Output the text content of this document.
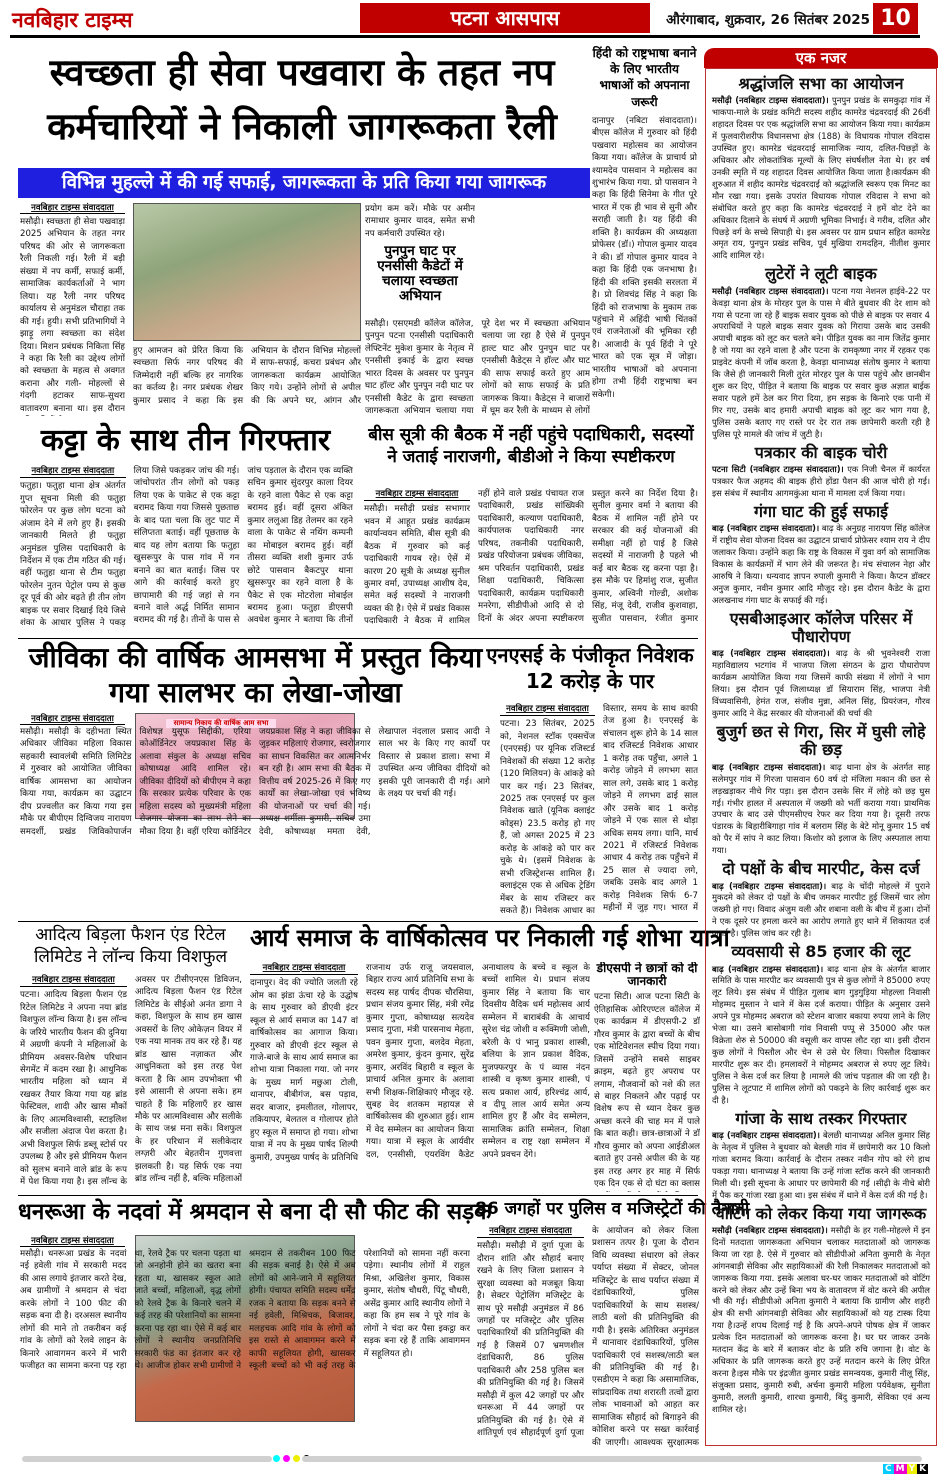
नवबिहार टाइम्स	पटना आसपास	औरंगाबाद, शुक्रवार, 26 सितंबर 2025 10
स्वच्छता ही सेवा पखवारा के तहत नप कर्मचारियों ने निकाली जागरूकता रैली
विभिन्न मुहल्ले में की गई सफाई, जागरूकता के प्रति किया गया जागरूक
नवबिहार टाइम्स संवाददाता
मसौढ़ी। स्वच्छता ही सेवा पखवाड़ा 2025 अभियान के तहत नगर परिषद की ओर से जागरूकता रैली निकली गई। रैली में बड़ी संख्या में नप कर्मी, सफाई कर्मी, सामाजिक कार्यकर्ताओं ने भाग लिया। यह रैली नगर परिषद कार्यालय से अनुमंडल चौराहा तक की गई। हुयी। सभी प्रतिभागियों ने झाड़ू लगा स्वच्छता का संदेश दिया। मिशन प्रबंधक निकिता सिंह ने कहा कि रैली का उद्देश्य लोगों को स्वच्छता के महत्व से अवगत कराना और गली- मोहल्लों से गंदगी हटाकर साफ-सुथरा वातावरण बनाना था। इस दौरान
हुए आमजन को प्रेरित किया कि स्वच्छता सिर्फ नगर परिषद की जिम्मेदारी नहीं बल्कि हर नागरिक का कर्तव्य है। नगर प्रबंधक शेखर कुमार प्रसाद ने कहा कि इस अभियान के दौरान विभिन्न मोहल्लों में साफ-सफाई, कचरा प्रबंधन और जागरूकता कार्यक्रम आयोजित किए गये। उन्होंने लोगों से अपील की कि अपने घर, आंगन और
प्रयोग कम करें। मौके पर अमीन रामाधार कुमार यादव, समेत सभी नप कर्मचारी उपस्थित रहे।
पुनपुन घाट पर एनसीसी कैडेटों में चलाया स्वच्छता अभियान
मसौढ़ी। एसएमडी कॉलेज कॉलेज, पुनपुन पटना एनसीसी पदाधिकारी लेफ्टिनेंट मुकेश कुमार के नेतृत्व में एनसीसी इकाई के द्वारा स्वच्छ भारत दिवस के अवसर पर पुनपुन घाट हॉल्ट और पुनपुन नदी घाट पर एनसीसी कैडेट के द्वारा स्वच्छता जागरूकता अभियान चलाया गया पूरे देश भर में स्वच्छता अभियान चलाया जा रहा है ऐसे में पुनपुन हाल्ट घाट और पुनपुन घाट पर एनसीसी कैडेट्स ने हॉल्ट और घाट की साफ सफाई करते हुए आम लोगों को साफ सफाई के प्रति जागरूक किया। कैडेट्स ने बाजारों में घूम कर रैली के माध्यम से लोगों
हिंदी को राष्ट्रभाषा बनाने के लिए भारतीय भाषाओं को अपनाना जरूरी
दानापुर (नबिटा संवाददाता)। बीएस कॉलेज में गुरुवार को हिंदी पखवारा महोत्सव का आयोजन किया गया। कॉलेज के प्राचार्य प्रो श्यामदेव पासवान ने महोत्सव का शुभारंभ किया गया. प्रो पासवान ने कहा कि हिंदी सिनेमा के गीत पूरे भारत में एक ही भाव से सुनी और सराही जाती है। यह हिंदी की शक्ति है। कार्यक्रम की अध्यक्षता प्रोफेसर (डॉ।) गोपाल कुमार यादव ने की। डॉ गोपाल कुमार यादव ने कहा कि हिंदी एक जनभाषा है। हिंदी की शक्ति इसकी सरलता में है। प्रो शिवचंद्र सिंह ने कहा कि हिंदी को राजभाषा के मुकाम तक पहुंचाने में अहिंदी भाषी चिंतकों एवं राजनेताओं की भूमिका रही है। आजादी के पूर्व हिंदी ने पूरे भारत को एक सूत्र में जोड़ा। भारतीय भाषाओं को अपनाना होगा तभी हिंदी राष्ट्रभाषा बन सकेगी।
कट्टा के साथ तीन गिरफ्तार
नवबिहार टाइम्स संवाददाता
फतुहा। फतुहा थाना क्षेत्र अंतर्गत गुप्त सूचना मिली की फतुहा फोरलेन पर कुछ लोग घटना को अंजाम देने में लगे हुए हैं। इसकी जानकारी मिलते ही फतुहा अनुमंडल पुलिस पदाधिकारी के निर्देशन में एक टीम गठित की गई। वहीं फतुहा थाना से टीम फतुहा फोरलेन नुतन पेट्रोल पम्प से कुछ दूर पूर्व की ओर बढ़ते ही तीन लोग बाइक पर सवार दिखाई दिये जिसे शंका के आधार पुलिस ने पकड़ लिया जिसे पकड़कर जांच की गई। जांचोपरांत तीन लोगों को पकड़ लिया एक के पाकेट से एक कट्टा बरामद किया गया जिससे पुछताछ के बाद पता चला कि लुट पाट में संलिप्तता बताई। वहीं पूछताछ के बाद यह लोग बताया कि फतुहा खुसरूपुर के पास गांव में गन बनाने का बात बताई। जिस पर आगे की कार्रवाई करते हुए छापामारी की गई जहां से गन बनाने वाले अर्द्ध निर्मित सामान बरामद की गई है। तीनों के पास से जांच पड़ताल के दौरान एक व्यक्ति सचिन कुमार सुंदरपुर काला दियर के रहने वाला पैकेट से एक कट्टा बरामद हुई। वहीं दूसरा अंकित कुमार ललुआ डिह तेलमर का रहने वाला के पाकेट से नथिंग कम्पनी का मोबाइल बरामद हुई। वहीं तीसरा व्यक्ति शशी कुमार उर्फ छोटे पासवान बैकटपुर थाना खुसरूपुर का रहने वाला है के पैकेट से एक मोटरोला मोबाईल बरामद हुआ। फतुहा डीएसपी अवधेश कुमार ने बताया कि तीनों
बीस सूत्री की बैठक में नहीं पहुंचे पदाधिकारी, सदस्यों ने जताई नाराजगी, बीडीओ ने किया स्पष्टीकरण
नवबिहार टाइम्स संवाददाता
मसौढ़ी। मसौढ़ी प्रखंड सभागार भवन में आहूत प्रखंड कार्यक्रम कार्यान्वयन समिति, बीस सूत्री की बैठक में गुरुवार को कई पदाधिकारी गायब रहे। ऐसें में कारण 20 सूत्री के अध्यक्ष सुनील कुमार वर्मा, उपाध्यक्ष आशीष देव, समेत कई सदस्यों ने नाराजगी व्यक्त की है। ऐसे में प्रखंड विकास पदाधिकारी ने बैठक में शामिल नहीं होने वाले प्रखंड पंचायत राज पदाधिकारी, प्रखंड सांख्यिकी पदाधिकारी, कल्याण पदाधिकारी, कार्यपालक पदाधिकारी नगर परिषद, तकनीकी पदाधिकारी, प्रखंड परियोजना प्रबंधक जीविका, श्रम परिवर्तन पदाधिकारी, प्रखंड शिक्षा पदाधिकारी, चिकित्सा पदाधिकारी, कार्यक्रम पदाधिकारी मनरेगा, सीडीपीओ आदि से दो दिनों के अंदर अपना स्पष्टीकरण प्रस्तुत करने का निर्देश दिया है। सुनील कुमार वर्मा ने बताया की बैठक में शामिल नहीं होने पर सरकार की कई योजनाओं की समीक्षा नहीं हो पाई है जिसे सदस्यों में नाराजगी है पहले भी कई बार बैठक रद्द करना पड़ा है। इस मौके पर हिमांशु राज, सुजीत कुमार, अश्विनी गोल्डी, अशोक सिंह, मंजू देवी, राजीव कुशवाहा, सुजीत पासवान, रंजीत कुमार
जीविका की वार्षिक आमसभा में प्रस्तुत किया गया सालभर का लेखा-जोखा
नवबिहार टाइम्स संवाददाता	सामान्य निकाय की वार्षिक आम सभा
मसौढ़ी। मसौढ़ी के दहीभता स्थित अधिकार जीविका महिला विकास सहकारी स्वावलंबी समिति लिमिटेड में गुरुवार को आयोजित जीविका वार्षिक आमसभा का आयोजन किया गया, कार्यक्रम का उद्घाटन दीप प्रज्वलीत कर किया गया इस मौके पर बीपीएम दिग्विजय नारायण समदर्शी, प्रखंड जिविकोपार्जन विशेषज्ञ युसूफ सिद्दीकी, एरिया कोऑर्डिनेटर जयप्रकाश सिंह के अलावा संकुल के अध्यक्ष सचिव कोषाध्यक्ष आदि शामिल रहे। जीविका दीदियों को बीपीएम ने कहा कि सरकार प्रत्येक परिवार के एक महिला सदस्य को मुख्यमंत्री महिला रोजगार योजना का लाभ लेने का मौका दिया है। वहीं एरिया कोर्डिनेटर जयप्रकाश सिंह ने कहा जीविका से जुड़कर महिलाएं रोजगार, स्वरोजगार का साधन विकसित कर आत्मनिर्भर बन रही है। आम सभा की बैठक में वित्तीय वर्ष 2025-26 में किए गए कार्यों का लेखा-जोखा एवं भविष्य की योजनाओं पर चर्चा की गई। अध्यक्ष शर्मीला कुमारी, सचिव उमा देवी, कोषाध्यक्ष ममता देवी, लेखापाल नंदलाल प्रसाद आदी ने साल भर के किए गए कार्यों पर विस्तार से प्रकाश डाला। सभा में उपस्थित अन्य जीविका दीदियों को इसकी पूरी जानकारी दी गई। आगे के लक्ष्य पर चर्चा की गई।
एनएसई के पंजीकृत निवेशक 12 करोड़ के पार
नवबिहार टाइम्स संवाददाता
पटना। 23 सितंबर, 2025 को, नेशनल स्टॉक एक्सचेंज (एनएसई) पर यूनिक रजिस्टर्ड निवेशकों की संख्या 12 करोड़ (120 मिलियन) के आंकड़े को पार कर गई। 23 सितंबर, 2025 तक एनएसई पर कुल निवेशक खाते (यूनिक क्लाइंट कोड्स) 23.5 करोड़ हो गए हैं, जो अगस्त 2025 में 23 करोड़ के आंकड़े को पार कर चुके थे। (इसमें निवेशक के सभी रजिस्ट्रेशन्स शामिल हैं। क्लाइंट्स एक से अधिक ट्रेडिंग मेंबर के साथ रजिस्टर कर सकते हैं)। निवेशक आधार का विस्तार, समय के साथ काफी तेज हुआ है। एनएसई के संचालन शुरू होने के 14 साल बाद रजिस्टर्ड निवेशक आधार 1 करोड़ तक पहुँचा, अगले 1 करोड़ जोड़ने में लगभग सात साल लगे, उसके बाद 1 करोड़ जोड़ने में लगभग ढाई साल और उसके बाद 1 करोड़ जोड़ने में एक साल से थोड़ा अधिक समय लगा। यानि, मार्च 2021 में रजिस्टर्ड निवेशक आधार 4 करोड़ तक पहुँचने में 25 साल से ज्यादा लगे, जबकि उसके बाद अगले 1 करोड़ निवेशक सिर्फ 6-7 महीनों में जुड़ गए। भारत में
आदित्य बिड़ला फैशन एंड रिटेल लिमिटेड ने लॉन्च किया विशफुल
नवबिहार टाइम्स संवाददाता
पटना। आदित्य बिड़ला फैशन एंड रिटेल लिमिटेड ने अपना नया ब्रांड विशफुल लॉन्च किया है। इस लॉन्च के जरिये भारतीय फैशन की दुनिया में अग्रणी कंपनी ने महिलाओं के प्रीमियम अवसर-विशेष परिधान सेगमेंट में कदम रखा है। आधुनिक भारतीय महिला को ध्यान में रखकर तैयार किया गया यह ब्रांड फेस्टिवल, शादी और खास मौकों के लिए आत्मविश्वासी, स्टाइलिश और सजीला अंदाज पेश करता है। अभी विशफुल सिर्फ डब्लू स्टोर्स पर उपलब्ध है और इसे प्रीमियम फैशन को सुलभ बनाने वाले ब्रांड के रूप में पेश किया गया है। इस लॉन्च के अवसर पर टीसीएनएस डिविजन, आदित्य बिड़ला फैशन एंड रिटेल लिमिटेड के सीईओ अनंत डागा ने कहा, विशफुल के साथ हम खास अवसरों के लिए ओकेज़न वियर में एक नया मानक तय कर रहे हैं। यह ब्रांड खास नज़ाकत और आधुनिकता को इस तरह पेश करता है कि आम उपभोक्ता भी इसे आसानी से अपना सके। हम चाहते हैं कि महिलाएँ हर खास मौके पर आत्मविश्वास और सलीके के साथ जश्न मना सकें। विशफुल के हर परिधान में सलीकेदार लग्ज़री और बेहतरीन गुणवत्ता झलकती है। यह सिर्फ एक नया ब्रांड लॉन्च नहीं है, बल्कि महिलाओं
आर्य समाज के वार्षिकोत्सव पर निकाली गई शोभा यात्रा
नवबिहार टाइम्स संवाददाता
दानापुर। वेद की ज्योति जलती रहे ओम का झंडा ऊंचा रहे के उद्घोष के साथ गुरुवार को डीएवी इंटर स्कूल से आर्य समाज का 147 वां वार्षिकोत्सव का आगाज किया। गुरुवार को डीएवी इंटर स्कूल से गाजे-बाजे के साथ आर्य समाज का शोभा यात्रा निकाला गया. जो नगर के मुख्य मार्ग मछुआ टोली, थानापर, बीबीगंज, बस पड़ाव, सदर बाजार, इमलीतल, गोलापर, तकियापर, बेलतल व गोलापर होते हुए स्कूल में समाप्त हो गया। शोभा यात्रा में नप के मुख्य पार्षद शिल्पी कुमारी, उपमुख्य पार्षद के प्रतिनिधि राजनाथ उर्फ राजू जयसवाल, बिहार राज्य आर्य प्रतिनिधि सभा के सदस्य सह पार्षद दीपक चौरसिया, प्रधान संजय कुमार सिंह, मंत्री रमेंद्र कुमार गुप्ता, कोषाध्यक्ष सत्यदेव प्रसाद गुप्ता, मंत्री पारसनाथ मेहता, पवन कुमार गुप्ता, बलदेव मेहता, अमरेश कुमार, कुंदन कुमार, सुरेंद्र कुमार, अरविंद बिहारी व स्कूल के प्राचार्य अनिल कुमार के अलावा सभी शिक्षक-शिक्षिकाएं मौजूद रहे. सुबह वेद शतकम महायज्ञ से वार्षिकोत्सव की शुरुआत हुई। शाम में वेद सम्मेलन का आयोजन किया गया। यात्रा में स्कूल के आर्यवीर दल, एनसीसी, एयरविंग कैडेट अनाथालय के बच्चे व स्कूल के बच्चों शामिल थे। प्रधान संजय कुमार सिंह ने बताया कि चार दिवसीय वैदिक धर्म महोत्सव आर्य सम्मेलन में बाराबंकी के आचार्य सुरेश चंद्र जोशी व रूक्मिणी जोशी, बरेली के पं भानु प्रकाश शास्त्री, बलिया के ज्ञान प्रकाश वैदिक, मुजफ्फरपुर के पं व्यास नंदन शास्त्री व कृष्ण कुमार शास्त्री, पं सत्य प्रकाश आर्य, हरिश्चंद्र आर्य, व दीपू लाल आर्य समेत अन्य शामिल हुए हैं और वेद सम्मेलन, सामाजिक क्रांति सम्मेलन, शिक्षा सम्मेलन व राष्ट्र रक्षा सम्मेलन में अपने प्रवचन देंगे।
डीएसपी ने छात्रों को दी जानकारी
पटना सिटी। आज पटना सिटी के ऐतिहासिक ओरिएण्टल कॉलेज में एक कार्यक्रम में डीएसपी-2 डॉ गौरव कुमार के द्वारा बच्चों के बीच एक मोटिवेशनल स्पीच दिया गया। जिसमें उन्होंने सबसे साइबर क्राइम, बढ़ते हुए अपराध पर लगाम, नौजवानों को नशे की लत से बाहर निकलने और पढ़ाई पर विशेष रूप से ध्यान देकर कुछ अच्छा करने की चाह मन में पाले कि बात कही। छात्र-छात्राओं ने डॉ गौरव कुमार को अपना आईडीअल बताते हुए उनसे अपील की के यह इस तरह अगर हर माह में सिर्फ एक दिन एक से दो घंटा का क्लास
धनरूआ के नदवां में श्रमदान से बना दी सौ फीट की सड़क
नवबिहार टाइम्स संवाददाता
मसौढ़ी। धनरूआ प्रखंड के नदवां नई हवेली गांव में सरकारी मदद की आस लगाये इंतजार करते देख, अब ग्रामीणों ने श्रमदान से चंदा करके लोगों ने 100 फीट की सड़क बना दी है। दरअसल स्थानीय लोगों की माने तो तकरीबन कई गांव के लोगों को रेलवे लाइन के किनारे आवागमन करने में भारी फजीहत का सामना करना पड़ रहा था, रेलवे ट्रैक पर चलना पड़ता था जो अनहोनी होने का खतरा बना रहता था, खासकर स्कूल आते जाते बच्चों, महिलाओं, वृद्ध लोगों को रेलवे ट्रैक के किनारे चलने में कई तरह की परेशानियों का सामना करना पड़ रहा था। ऐसे में कई बार लोगों ने स्थानीय जनप्रतिनिधि सरकारी फंड का इंतजार कर रहे थे। आजीज होकर सभी ग्रामीणों ने श्रमदान से तकरीबन 100 फिट की सड़क बनाई है। ऐसे में अब लोगों को आने-जाने में सहूलियत होगी। पंचायत समिति सदस्य धर्मेंद्र रजक ने बताया कि सड़क बनने से नई हवेली, मिश्रिचक, बिजावर, मलहचक आदि गांव के लोगों को इस रास्ते से आवागमन करने में काफी सहूलियत होगी, खासकर स्कूली बच्चों को भी कई तरह के परेशानियों को सामना नहीं करना पड़ेगा। स्थानीय लोगों में राहुल मिश्रा, अखिलेश कुमार, विकास कुमार, संतोष चौधरी, पिंटू चौधरी, असेंद्र कुमार आदि स्थानीय लोगों ने कहा कि हम सब ने पूरे गांव के लोगों ने चंदा कर पैसा इकट्ठा कर सड़क बना रहे हैं ताकि आवागमन में सहूलियत हो।
86 जगहों पर पुलिस व मजिस्ट्रेटों की तैनाती
नवबिहार टाइम्स संवाददाता
मसौढ़ी। मसौढ़ी में दुर्गा पूजा के दौरान शांति और सौहार्द बनाए रखने के लिए जिला प्रशासन ने सुरक्षा व्यवस्था को मजबूत किया है। सेक्टर पेट्रोलिंग मजिस्ट्रेट के साथ पूरे मसौढ़ी अनुमंडल में 86 जगहों पर मजिस्ट्रेट और पुलिस पदाधिकारियों की प्रतिनियुक्ति की गई है जिसमें 07 भ्रमणशील दंडाधिकारी, 86 पुलिस पदाधिकारी और 258 पुलिस बल की प्रतिनियुक्ति की गई है। जिसमें मसौढ़ी में कुल 42 जगहों पर और धनरूआ में 44 जगहों पर प्रतिनियुक्ति की गई है। ऐसे में शांतिपूर्ण एवं सौहार्दपूर्ण दुर्गा पूजा के आयोजन को लेकर जिला प्रशासन तत्पर है। पूजा के दौरान विधि व्यवस्था संधारण को लेकर पर्याप्त संख्या में सेक्टर, जोनल मजिस्ट्रेट के साथ पर्याप्त संख्या में दंडाधिकारियों, पुलिस पदाधिकारियों के साथ सशस्त्र/लाठी बलो की प्रतिनियुक्ति की गयी है। इसके अतिरिक्त अनुमंडल में थानावार दंडाधिकारियों, पुलिस पदाधिकारी एवं सशस्त्र/लाठी बल की प्रतिनियुक्ति की गई है। एसडीएम ने कहा कि असामाजिक, सांप्रदायिक तथा शरारती तत्वों द्वारा लोक भावनाओं को आहत कर सामाजिक सौहार्द को बिगाड़ने की कोशिश करने पर सख्त कार्रवाई की जाएगी। आवश्यक सुरक्षात्मक
एक नजर
श्रद्धांजलि सभा का आयोजन
मसौढ़ी (नवबिहार टाइम्स संवाददाता)। पुनपुन प्रखंड के समकुढ़ा गांव में भाकपा-माले के प्रखंड कमिटी सदस्य शहीद कामरेड चंद्रवरदाई की 26वीं शहादत दिवस पर एक श्रद्धांजलि सभा का आयोजन किया गया। कार्यक्रम में फुलवारीशरीफ विधानसभा क्षेत्र (188) के विधायक गोपाल रविदास उपस्थित हुए। कामरेड चंद्रवरदाई सामाजिक न्याय, दलित-पिछड़ों के अधिकार और लोकतांत्रिक मूल्यों के लिए संघर्षशील नेता थे। हर वर्ष उनकी स्मृति में यह शहादत दिवस आयोजित किया जाता है।कार्यक्रम की शुरुआत में शहीद कामरेड चंद्रवरदाई को श्रद्धांजलि स्वरूप एक मिनट का मौन रखा गया। इसके उपरांत विधायक गोपाल रविदास ने सभा को संबोधित करते हुए कहा कि कामरेड चंद्रवरदाई ने हमें वोट देने का अधिकार दिलाने के संघर्ष में अग्रणी भूमिका निभाई। वे गरीब, दलित और पिछड़े वर्ग के सच्चे सिपाही थे। इस अवसर पर ग्राम प्रधान सहित कामरेड अमृत राय, पुनपुन प्रखंड सचिव, पूर्व मुखिया रामदहिन, नीतीश कुमार आदि शामिल रहे।
लुटेरों ने लूटी बाइक
मसौढ़ी (नवबिहार टाइम्स संवाददाता)। पटना गया नेशनल हाईवे-22 पर केवड़ा थाना क्षेत्र के मोरहर पुल के पास मे बीते बुधवार की देर शाम को गया से पटना जा रहे हैं बाइक सवार युवक को पीछे से बाइक पर सवार 4 अपराधियों ने पहले बाइक सवार युवक को गिराया उसके बाद उसकी अपाची बाइक को लूट कर चलते बने। पीड़ित युवक का नाम जितेंद्र कुमार है जो गया का रहने वाला है और पटना के रामकृष्णा नगर में रहकर एक प्राइवेट कंपनी में जॉब करता है, केवड़ा थानाध्यक्ष संतोष कुमार ने बताया कि जैसे ही जानकारी मिली तुरंत मोरहर पुल के पास पहुंचे और छानबीन शुरू कर दिए, पीड़ित ने बताया कि बाइक पर सवार कुछ अज्ञात बाईक सवार पहले हमें ठेल कर गिरा दिया, हम सड़क के किनारे एक पानी में गिर गए, उसके बाद हमारी अपाची बाइक को लूट कर भाग गया है, पुलिस उसके बताए गए रास्ते पर देर रात तक छापेमारी करती रही है पुलिस पूरे मामले की जांच में जुटी है।
पत्रकार की बाइक चोरी
पटना सिटी (नवबिहार टाइम्स संवाददाता)। एक निजी चैनल में कार्यरत पत्रकार फैज अहमद की बाइक हीरो होंडा पैशन की आज चोरी हो गई। इस संबंध में स्थानीय आगमकुंआ थाना में मामला दर्ज किया गया।
गंगा घाट की हुई सफाई
बाढ़ (नवबिहार टाइम्स संवाददाता)। बाढ़ के अनुग्रह नारायण सिंह कॉलेज में राष्ट्रीय सेवा योजना दिवस का उद्घाटन प्राचार्य प्रोफ़ेसर श्याम राय ने दीप जलाकर किया। उन्होंने कहा कि राष्ट्र के विकास में युवा वर्ग को सामाजिक विकास के कार्यक्रमों में भाग लेने की जरूरत है। मंच संचालन नेहा और आरुषि ने किया। धन्यवाद ज्ञापन रुपाली कुमारी ने किया। कैप्टन डॉक्टर अनुज कुमार, नवीन कुमार आदि मौजूद रहे। इस दौरान कैडेट के द्वारा अलखनाथ गंगा घाट के सफाई की गई।
एसबीआइआर कॉलेज परिसर में पौधारोपण
बाढ़ (नवबिहार टाइम्स संवाददाता)। बाढ़ के श्री भुवनेश्वरी राजा महाविद्यालय भटगांव में भाजपा जिला संगठन के द्वारा पौधारोपण कार्यक्रम आयोजित किया गया जिसमें काफी संख्या में लोगों ने भाग लिया। इस दौरान पूर्व जिलाध्यक्ष डॉ सियाराम सिंह, भाजपा नेत्री विंध्यवासिनी, हेमंत राज, संजीव मुन्ना, अनिल सिंह, प्रियरंजन, गौरव कुमार आदि ने केंद्र सरकार की योजनाओं की चर्चा की
बुजुर्ग छत से गिरा, सिर में घुसी लोहे की छड़
बाढ़ (नवबिहार टाइम्स संवाददाता)। बाढ़ थाना क्षेत्र के अंतर्गत साह सलेमपुर गांव में गिरजा पासवान 60 वर्ष दो मंजिला मकान की छत से लड़खड़ाकर नीचे गिर पड़ा। इस दौरान उसके सिर में लोहे को छड़ घुस गई। गंभीर हालत में अस्पताल में जख्मी को भर्ती कराया गया। प्राथमिक उपचार के बाद उसे पीएमसीएच रेफर कर दिया गया है। दूसरी तरफ पंडारक के बिहारीबिगाहा गांव में बलराम सिंह के बेटे मोनू कुमार 15 वर्ष को पैर में सांप ने काट लिया। किशोर को इलाज के लिए अस्पताल लाया गया।
दो पक्षों के बीच मारपीट, केस दर्ज
बाढ़ (नवबिहार टाइम्स संवाददाता)। बाढ़ के चोंदी मोहल्ले में पुराने मुकदमे को लेकर दो पक्षों के बीच जमकर मारपीट हुई जिसमें चार लोग जख्मी हो गए। विवाद अंजुम वली और शबाना वली के बीच में हुआ। दोनों ने एक दूसरे पर हमला करने का आरोप लगाते हुए थाने में शिकायत दर्ज कराई है। पुलिस जांच कर रही है।
व्यवसायी से 85 हजार की लूट
बाढ़ (नवबिहार टाइम्स संवाददाता)। बाढ़ थाना क्षेत्र के अंतर्गत बाजार समिति के पास मारपीट कर व्यवसायी पुत्र से कुछ लोगों ने 85000 रुपए लूट लिये। इस संबंध में पीड़ित गुलाब बाग गुड़गुड़िया मोहल्ला निवासी मोहम्मद मुस्तान ने थाने में केस दर्ज कराया। पीड़ित के अनुसार उसने अपने पुत्र मोहम्मद अबराज को स्टेशन बाजार बकाया रुपया लाने के लिए भेजा था। उसने बासोबागी गांव निवासी पप्पू से 35000 और फल विक्रेता शेरु से 50000 की वसूली कर वापस लौट रहा था। इसी दौरान कुछ लोगों ने पिस्तौल और चेन से उसे घेर लिया। पिस्तौल दिखाकर मारपीट शुरू कर दी। हमलावरों ने मोहम्मद अबराज से रुपए लूट लिये। पुलिस ने केस दर्ज कर लिया है ।मामले की जांच पड़ताल की जा रही है। पुलिस ने लूटपाट में शामिल लोगों को पकड़ने के लिए कार्रवाई शुरू कर दी है।
गांजा के साथ तस्कर गिरफ्तार
बाढ़ (नवबिहार टाइम्स संवाददाता)। बेलछी थानाध्यक्ष अनिल कुमार सिंह के नेतृत्व में पुलिस ने बुधवार को बेलछी गांव में छापेमारी कर 10 किलो गांजा बरामद किया। कार्रवाई के दौरान तस्कर नवीन गोप को रंगे हाथ पकड़ा गया। थानाध्यक्ष ने बताया कि उन्हें गांजा स्टॉक करने की जानकारी मिली थी। इसी सूचना के आधार पर छापेमारी की गई ।सीढ़ी के नीचे बोरी में पैक कर गांजा रखा हुआ था। इस संबंध में थाने में केस दर्ज की गई है।
वोटिंग को लेकर किया गया जागरूक
मसौढ़ी (नवबिहार टाइम्स संवाददाता)। मसौढ़ी के हर गली-मोहल्ले में इन दिनों मतदाता जागरूकता अभियान चलाकर मतदाताओं को जागरूक किया जा रहा है. ऐसे में गुरुवार को सीडीपीओ अनिता कुमारी के नेतृत आंगनबाड़ी सेविका और सहायिकाओं की रैली निकालकर मतदाताओं को जागरूक किया गया. इसके अलावा घर-घर जाकर मतदाताओं को वोटिंग करने को लेकर और उन्हें बिना भय के वातावरण में वोट करने की अपील भी की गई। सीडीपीओ अनिता कुमारी ने बताया कि ग्रामीण और शहरी क्षेत्र की सभी आंगनबाड़ी सेविका और सहायिकाओं को यह टास्क दिया गया है।उन्हें शपथ दिलाई गई है कि अपने-अपने पोषक क्षेत्र में जाकर प्रत्येक दिन मतदाताओं को जागरूक करना है। घर घर जाकर उनके मतदान केंद्र के बारे में बताकर वोट के प्रति रुचि जगाना है। वोट के अधिकार के प्रति जागरूक करते हुए उन्हें मतदान करने के लिए प्रेरित करना है।इस मौके पर इंद्रजीत कुमार प्रखंड समन्वयक, कुमारी नीलू सिंह, संजुक्ता प्रसाद, कुमारी रुबी, अर्चना कुमारी महिला पर्यवेक्षक, सुनीता कुमारी, ललती कुमारी, शारधा कुमारी, बिंदु कुमारी, सेविका एवं अन्य शामिल रहे।
C M Y K
